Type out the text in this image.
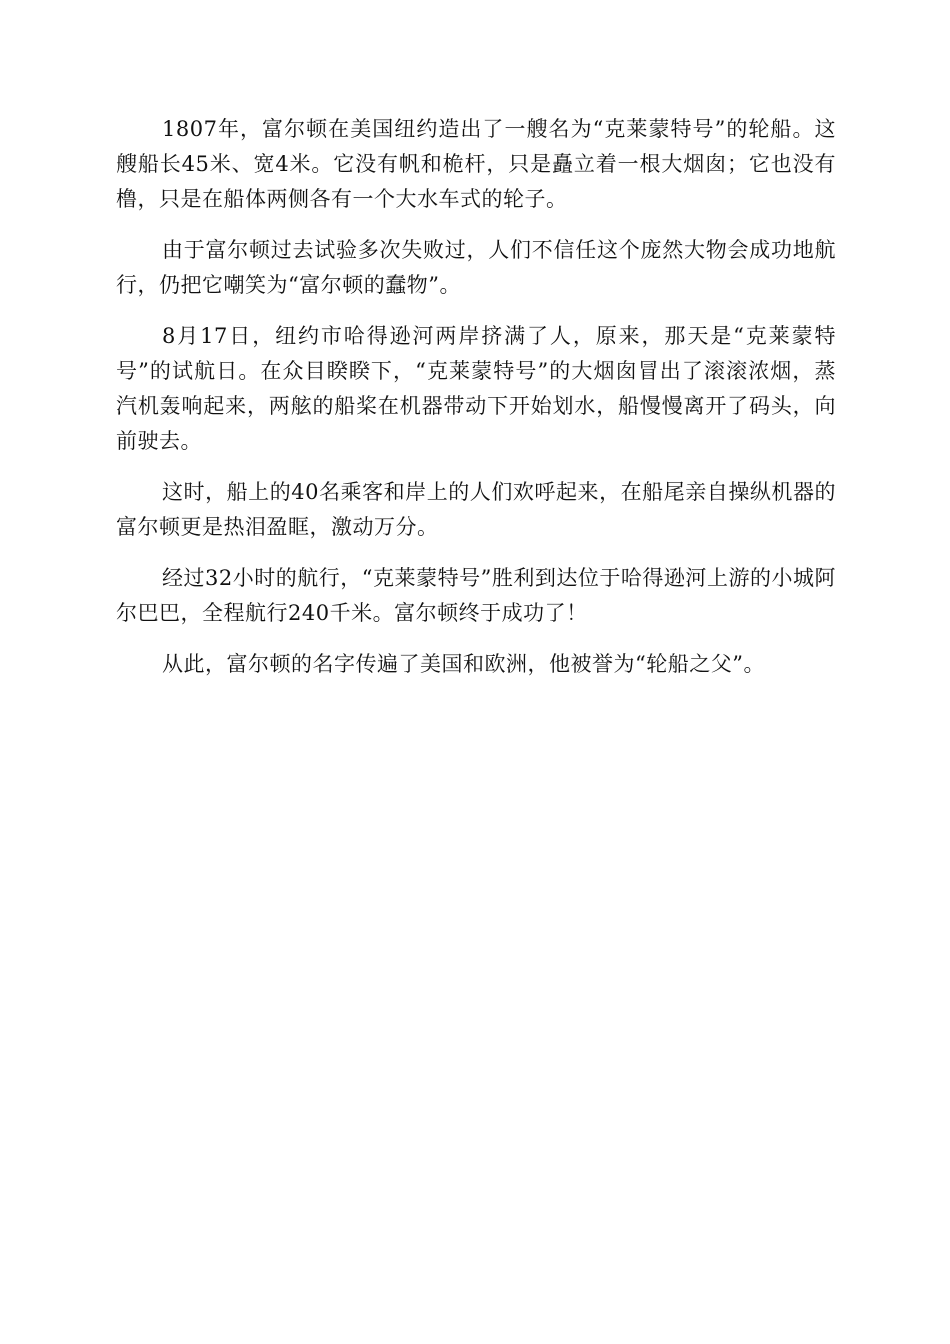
1807年，富尔顿在美国纽约造出了一艘名为“克莱蒙特号”的轮船。这艘船长45米、宽4米。它没有帆和桅杆，只是矗立着一根大烟囱；它也没有橹，只是在船体两侧各有一个大水车式的轮子。

由于富尔顿过去试验多次失败过，人们不信任这个庞然大物会成功地航行，仍把它嘲笑为“富尔顿的蠢物”。

8月17日，纽约市哈得逊河两岸挤满了人，原来，那天是“克莱蒙特号”的试航日。在众目睽睽下，“克莱蒙特号”的大烟囱冒出了滚滚浓烟，蒸汽机轰响起来，两舷的船桨在机器带动下开始划水，船慢慢离开了码头，向前驶去。

这时，船上的40名乘客和岸上的人们欢呼起来，在船尾亲自操纵机器的富尔顿更是热泪盈眶，激动万分。

经过32小时的航行，“克莱蒙特号”胜利到达位于哈得逊河上游的小城阿尔巴巴，全程航行240千米。富尔顿终于成功了！

从此，富尔顿的名字传遍了美国和欧洲，他被誉为“轮船之父”。
